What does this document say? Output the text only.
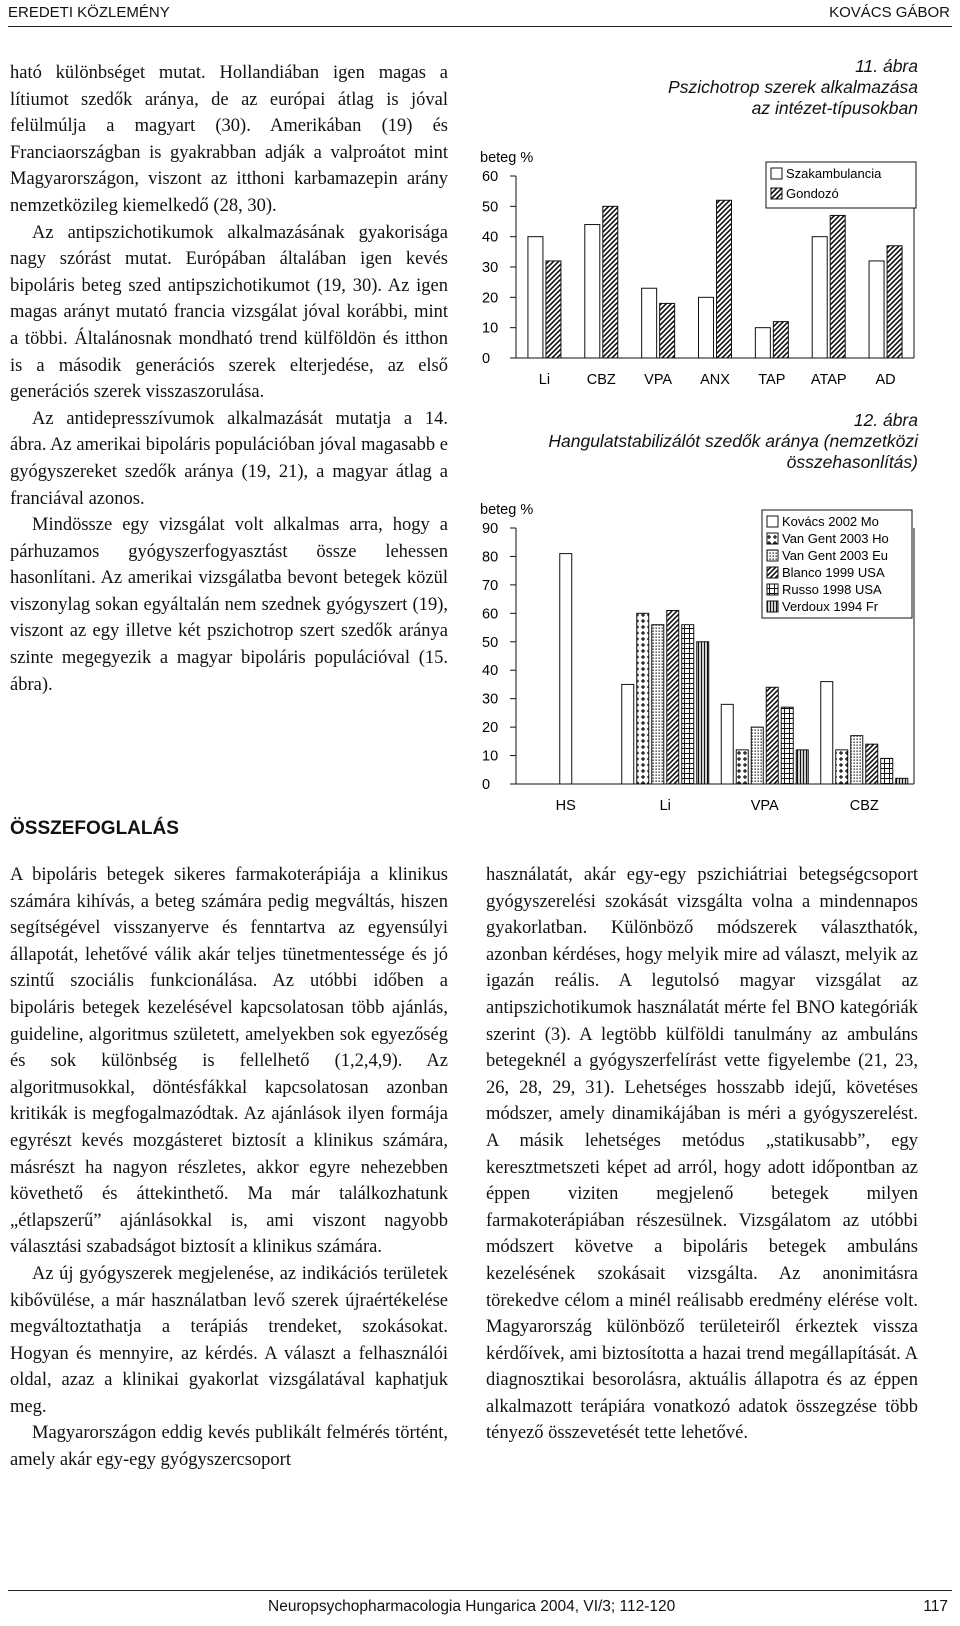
EREDETI KÖZLEMÉNY	KOVÁCS GÁBOR

ható különbséget mutat. Hollandiában igen magas a lítiumot szedők aránya, de az európai átlag is jóval felülmúlja a magyart (30). Amerikában (19) és Franciaországban is gyakrabban adják a valproátot mint Magyarországon, viszont az itthoni karbamazepin arány nemzetközileg kiemelkedő (28, 30).

Az antipszichotikumok alkalmazásának gyakorisága nagy szórást mutat. Európában általában igen kevés bipoláris beteg szed antipszichotikumot (19, 30). Az igen magas arányt mutató francia vizsgálat jóval korábbi, mint a többi. Általánosnak mondható trend külföldön és itthon is a második generációs szerek elterjedése, az első generációs szerek visszaszorulása.

Az antidepresszívumok alkalmazását mutatja a 14. ábra. Az amerikai bipoláris populációban jóval magasabb e gyógyszereket szedők aránya (19, 21), a magyar átlag a franciával azonos.

Mindössze egy vizsgálat volt alkalmas arra, hogy a párhuzamos gyógyszerfogyasztást össze lehessen hasonlítani. Az amerikai vizsgálatba bevont betegek közül viszonylag sokan egyáltalán nem szednek gyógyszert (19), viszont az egy illetve két pszichotrop szert szedők aránya szinte megegyezik a magyar bipoláris populációval (15. ábra).

ÖSSZEFOGLALÁS

A bipoláris betegek sikeres farmakoterápiája a klinikus számára kihívás, a beteg számára pedig megváltás, hiszen segítségével visszanyerve és fenntartva az egyensúlyi állapotát, lehetővé válik akár teljes tünetmentessége és jó szintű szociális funkcionálása. Az utóbbi időben a bipoláris betegek kezelésével kapcsolatosan több ajánlás, guideline, algoritmus született, amelyekben sok egyezőség és sok különbség is fellelhető (1,2,4,9). Az algoritmusokkal, döntésfákkal kapcsolatosan azonban kritikák is megfogalmazódtak. Az ajánlások ilyen formája egyrészt kevés mozgásteret biztosít a klinikus számára, másrészt ha nagyon részletes, akkor egyre nehezebben követhető és áttekinthető. Ma már találkozhatunk „étlapszerű” ajánlásokkal is, ami viszont nagyobb választási szabadságot biztosít a klinikus számára.

Az új gyógyszerek megjelenése, az indikációs területek kibővülése, a már használatban levő szerek újraértékelése megváltoztathatja a terápiás trendeket, szokásokat. Hogyan és mennyire, az kérdés. A választ a felhasználói oldal, azaz a klinikai gyakorlat vizsgálatával kaphatjuk meg.

Magyarországon eddig kevés publikált felmérés történt, amely akár egy-egy gyógyszercsoport

használatát, akár egy-egy pszichiátriai betegségcsoport gyógyszerelési szokását vizsgálta volna a mindennapos gyakorlatban. Különböző módszerek választhatók, azonban kérdéses, hogy melyik mire ad választ, melyik az igazán reális. A legutolsó magyar vizsgálat az antipszichotikumok használatát mérte fel BNO kategóriák szerint (3). A legtöbb külföldi tanulmány az ambuláns betegeknél a gyógyszerfelírást vette figyelembe (21, 23, 26, 28, 29, 31). Lehetséges hosszabb idejű, követéses módszer, amely dinamikájában is méri a gyógyszerelést. A másik lehetséges metódus „statikusabb”, egy keresztmetszeti képet ad arról, hogy adott időpontban az éppen viziten megjelenő betegek milyen farmakoterápiában részesülnek. Vizsgálatom az utóbbi módszert követve a bipoláris betegek ambuláns kezelésének szokásait vizsgálta. Az anonimitásra törekedve célom a minél reálisabb eredmény elérése volt. Magyarország különböző területeiről érkeztek vissza kérdőívek, ami biztosította a hazai trend megállapítását. A diagnosztikai besorolásra, aktuális állapotra és az éppen alkalmazott terápiára vonatkozó adatok összegzése több tényező összevetését tette lehetővé.

11. ábra
Pszichotrop szerek alkalmazása
az intézet-típusokban
beteg %
0
10
20
30
40
50
60
Li	CBZ VPA ANX TAP ATAP AD
Szakambulancia
Gondozó
12. ábra
Hangulatstabilizálót szedők aránya (nemzetközi
összehasonlítás)
beteg %
0
10
20
30
40
50
60
70
80
90
HS	Li	VPA	CBZ
Kovács 2002 Mo
Van Gent 2003 Ho
Van Gent 2003 Eu
Blanco 1999 USA
Russo 1998 USA
Verdoux 1994 Fr
Neuropsychopharmacologia Hungarica 2004, VI/3; 112-120	117
